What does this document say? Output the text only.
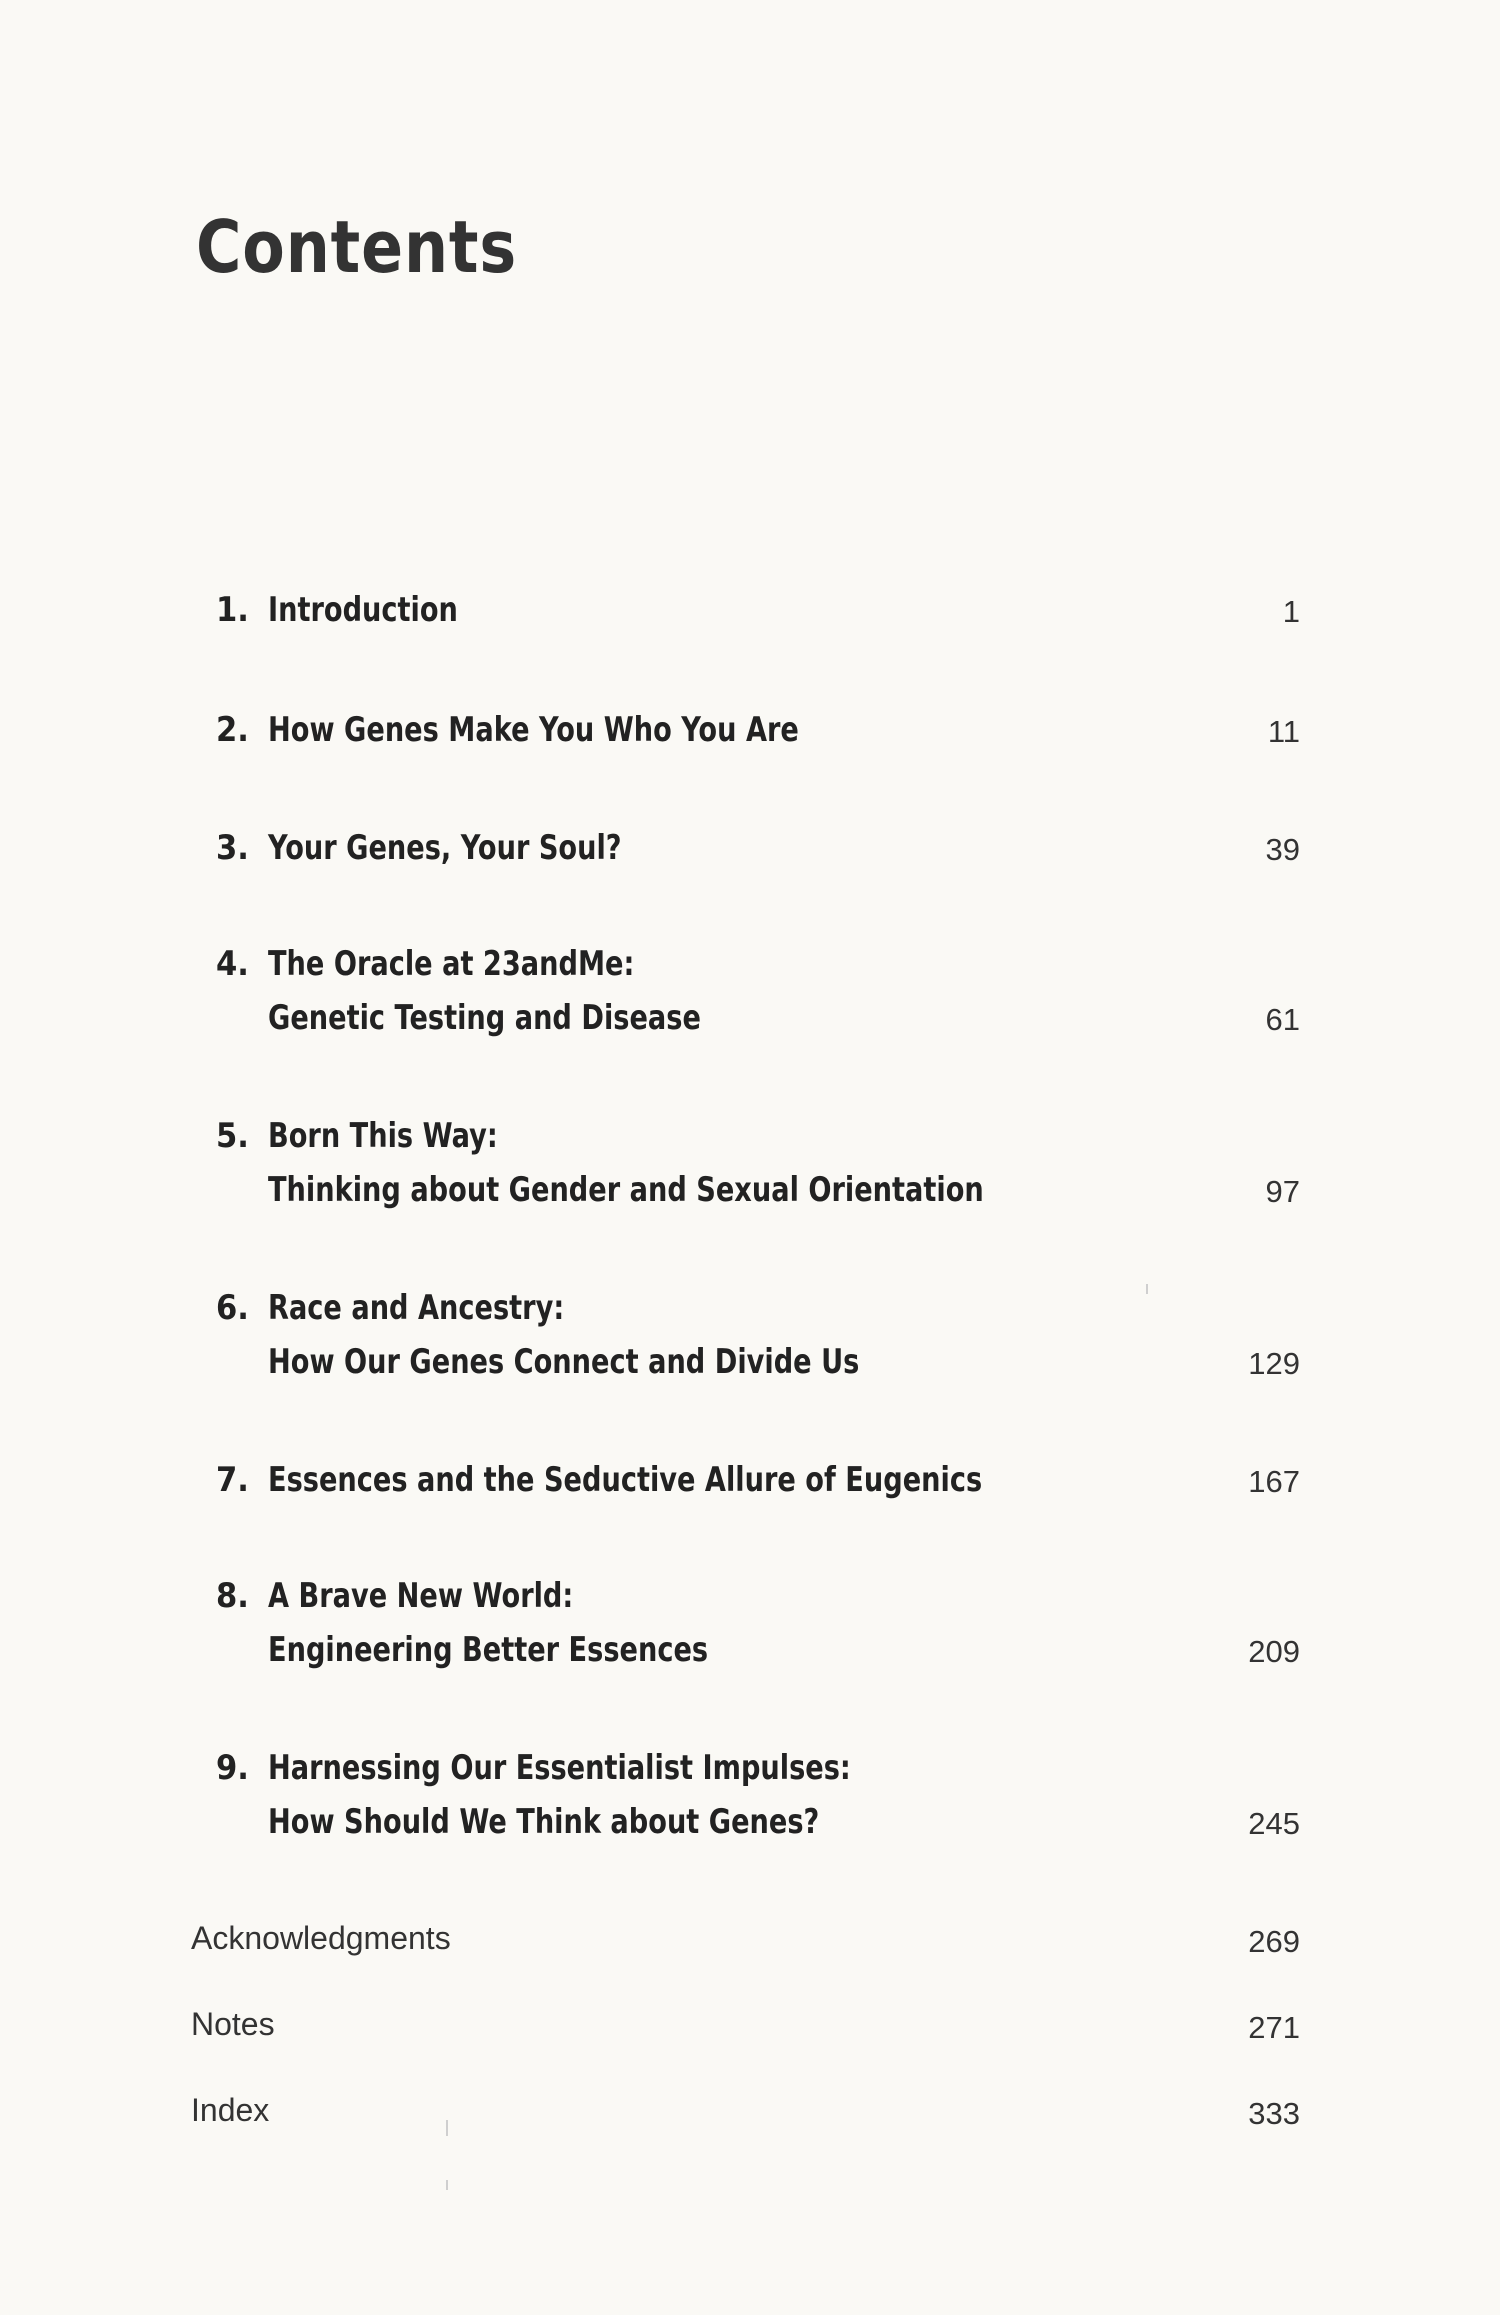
Contents
1. Introduction	1
2. How Genes Make You Who You Are	11
3. Your Genes, Your Soul?	39
4. The Oracle at 23andMe:
Genetic Testing and Disease	61
5. Born This Way:
Thinking about Gender and Sexual Orientation	97
6. Race and Ancestry:
How Our Genes Connect and Divide Us	129
7. Essences and the Seductive Allure of Eugenics	167
8. A Brave New World:
Engineering Better Essences	209
9. Harnessing Our Essentialist Impulses:
How Should We Think about Genes?	245
Acknowledgments	269
Notes	271
Index	333
